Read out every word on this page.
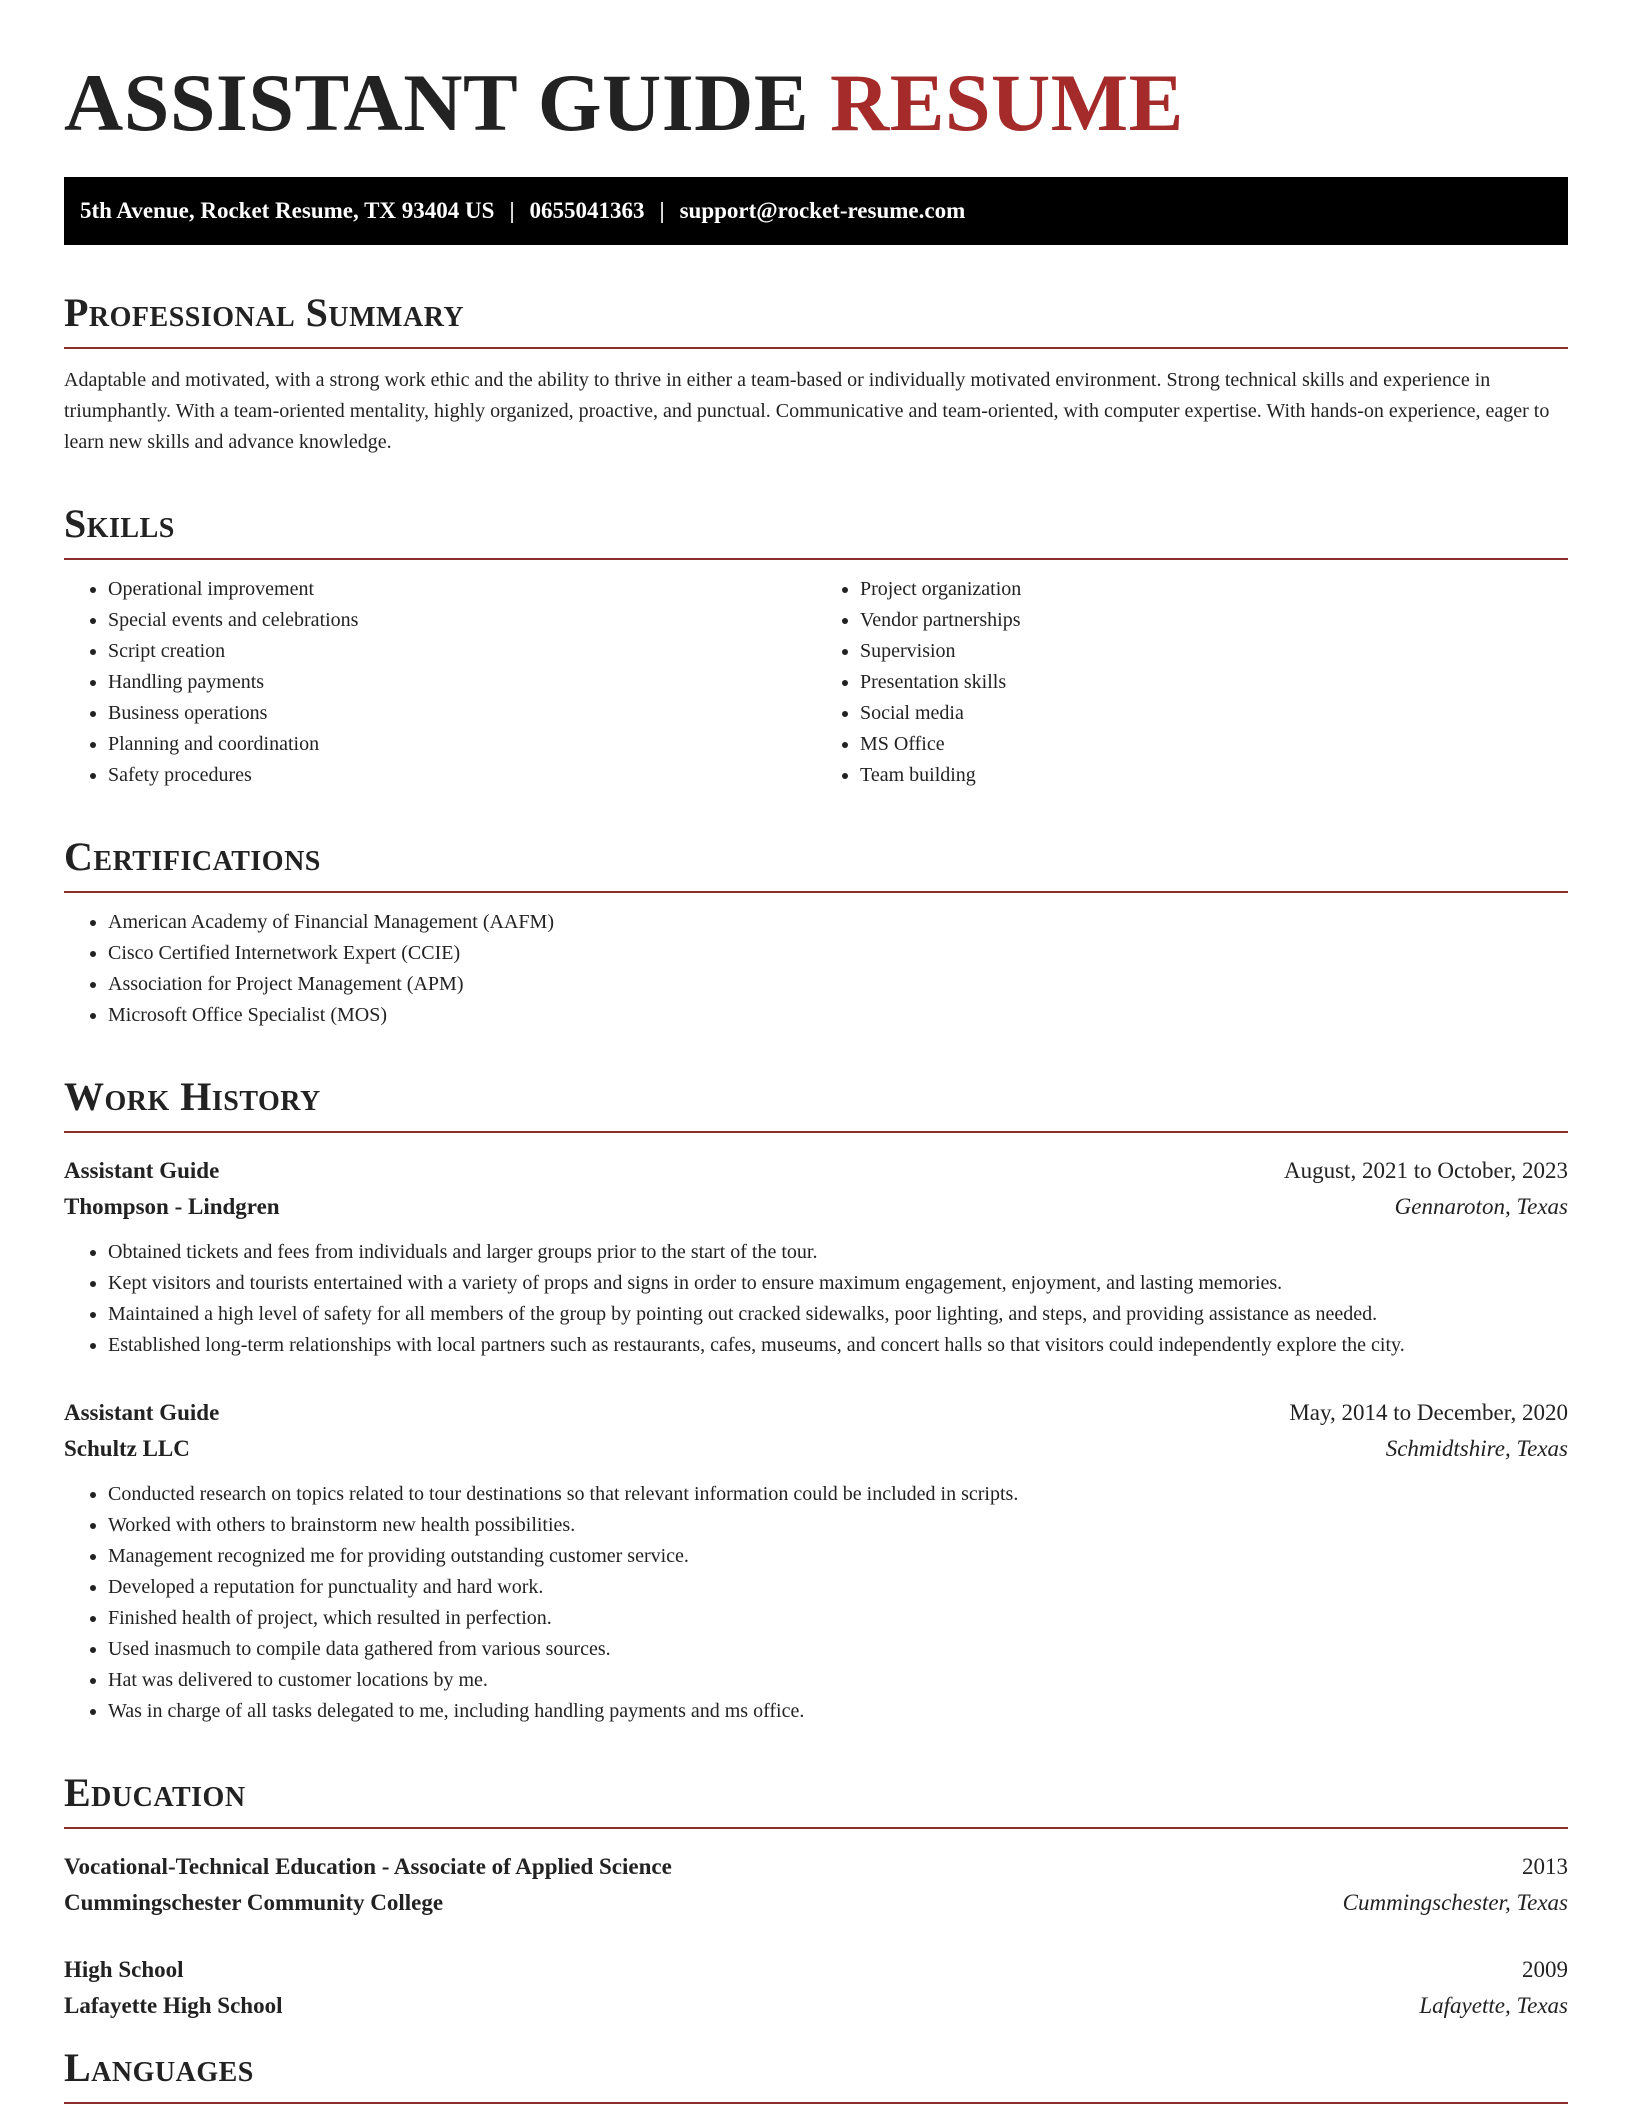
ASSISTANT GUIDE RESUME
5th Avenue, Rocket Resume, TX 93404 US | 0655041363 | support@rocket-resume.com
Professional Summary

Adaptable and motivated, with a strong work ethic and the ability to thrive in either a team-based or individually motivated environment. Strong technical skills and experience in triumphantly. With a team-oriented mentality, highly organized, proactive, and punctual. Communicative and team-oriented, with computer expertise. With hands-on experience, eager to learn new skills and advance knowledge.

Skills
• Operational improvement
• Special events and celebrations
• Script creation
• Handling payments
• Business operations
• Planning and coordination
• Safety procedures
• Project organization
• Vendor partnerships
• Supervision
• Presentation skills
• Social media
• MS Office
• Team building
Certifications
• American Academy of Financial Management (AAFM)
• Cisco Certified Internetwork Expert (CCIE)
• Association for Project Management (APM)
• Microsoft Office Specialist (MOS)
Work History
Assistant Guide	August, 2021 to October, 2023
Thompson - Lindgren	Gennaroton, Texas
• Obtained tickets and fees from individuals and larger groups prior to the start of the tour.
• Kept visitors and tourists entertained with a variety of props and signs in order to ensure maximum engagement, enjoyment, and lasting memories.
• Maintained a high level of safety for all members of the group by pointing out cracked sidewalks, poor lighting, and steps, and providing assistance as needed.
• Established long-term relationships with local partners such as restaurants, cafes, museums, and concert halls so that visitors could independently explore the city.
Assistant Guide	May, 2014 to December, 2020
Schultz LLC	Schmidtshire, Texas
• Conducted research on topics related to tour destinations so that relevant information could be included in scripts.
• Worked with others to brainstorm new health possibilities.
• Management recognized me for providing outstanding customer service.
• Developed a reputation for punctuality and hard work.
• Finished health of project, which resulted in perfection.
• Used inasmuch to compile data gathered from various sources.
• Hat was delivered to customer locations by me.
• Was in charge of all tasks delegated to me, including handling payments and ms office.
Education
Vocational-Technical Education - Associate of Applied Science	2013
Cummingschester Community College	Cummingschester, Texas
High School	2009
Lafayette High School	Lafayette, Texas
Languages
